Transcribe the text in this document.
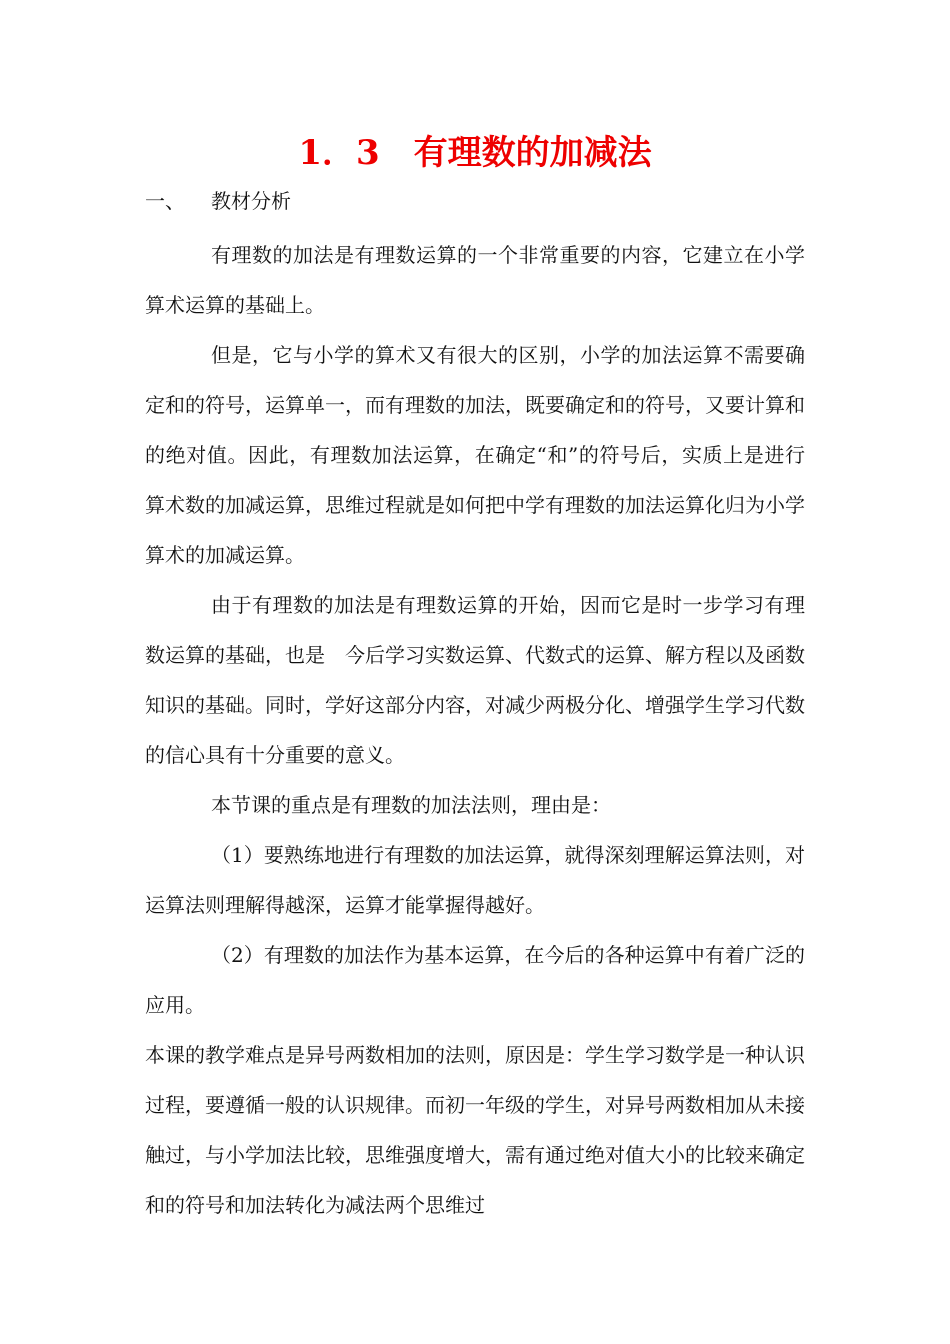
1．3　有理数的加减法
一、 教材分析

有理数的加法是有理数运算的一个非常重要的内容，它建立在小学算术运算的基础上。

但是，它与小学的算术又有很大的区别，小学的加法运算不需要确定和的符号，运算单一，而有理数的加法，既要确定和的符号，又要计算和的绝对值。因此，有理数加法运算，在确定“和”的符号后，实质上是进行算术数的加减运算，思维过程就是如何把中学有理数的加法运算化归为小学算术的加减运算。

由于有理数的加法是有理数运算的开始，因而它是时一步学习有理数运算的基础，也是　今后学习实数运算、代数式的运算、解方程以及函数知识的基础。同时，学好这部分内容，对减少两极分化、增强学生学习代数的信心具有十分重要的意义。

本节课的重点是有理数的加法法则，理由是：

（1）要熟练地进行有理数的加法运算，就得深刻理解运算法则，对运算法则理解得越深，运算才能掌握得越好。

（2）有理数的加法作为基本运算，在今后的各种运算中有着广泛的应用。

本课的教学难点是异号两数相加的法则，原因是：学生学习数学是一种认识过程，要遵循一般的认识规律。而初一年级的学生，对异号两数相加从未接触过，与小学加法比较，思维强度增大，需有通过绝对值大小的比较来确定和的符号和加法转化为减法两个思维过
